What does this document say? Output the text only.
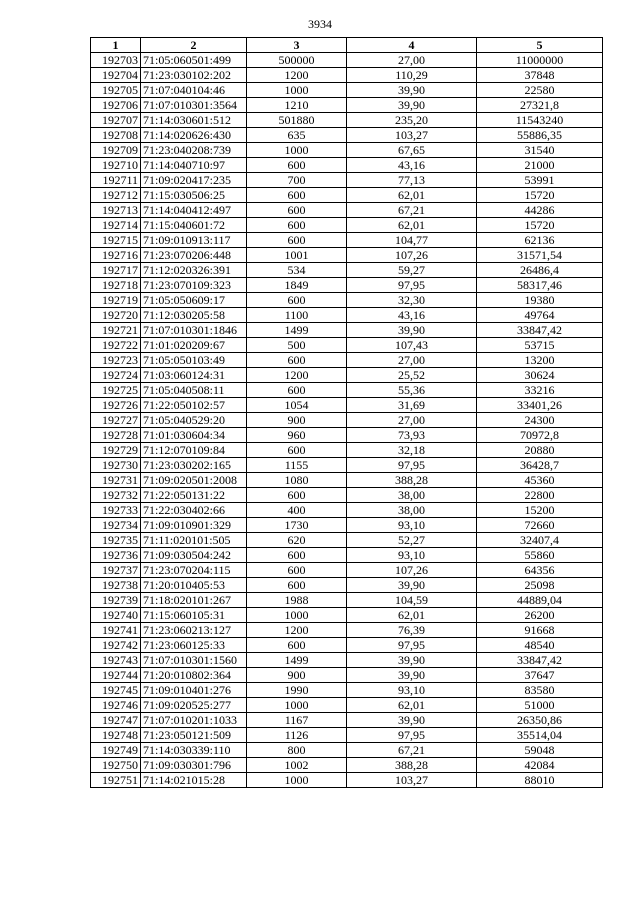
3934
1	2	3	4	5
192703	71:05:060501:499	500000	27,00	11000000
192704	71:23:030102:202	1200	110,29	37848
192705	71:07:040104:46	1000	39,90	22580
192706	71:07:010301:3564	1210	39,90	27321,8
192707	71:14:030601:512	501880	235,20	11543240
192708	71:14:020626:430	635	103,27	55886,35
192709	71:23:040208:739	1000	67,65	31540
192710	71:14:040710:97	600	43,16	21000
192711	71:09:020417:235	700	77,13	53991
192712	71:15:030506:25	600	62,01	15720
192713	71:14:040412:497	600	67,21	44286
192714	71:15:040601:72	600	62,01	15720
192715	71:09:010913:117	600	104,77	62136
192716	71:23:070206:448	1001	107,26	31571,54
192717	71:12:020326:391	534	59,27	26486,4
192718	71:23:070109:323	1849	97,95	58317,46
192719	71:05:050609:17	600	32,30	19380
192720	71:12:030205:58	1100	43,16	49764
192721	71:07:010301:1846	1499	39,90	33847,42
192722	71:01:020209:67	500	107,43	53715
192723	71:05:050103:49	600	27,00	13200
192724	71:03:060124:31	1200	25,52	30624
192725	71:05:040508:11	600	55,36	33216
192726	71:22:050102:57	1054	31,69	33401,26
192727	71:05:040529:20	900	27,00	24300
192728	71:01:030604:34	960	73,93	70972,8
192729	71:12:070109:84	600	32,18	20880
192730	71:23:030202:165	1155	97,95	36428,7
192731	71:09:020501:2008	1080	388,28	45360
192732	71:22:050131:22	600	38,00	22800
192733	71:22:030402:66	400	38,00	15200
192734	71:09:010901:329	1730	93,10	72660
192735	71:11:020101:505	620	52,27	32407,4
192736	71:09:030504:242	600	93,10	55860
192737	71:23:070204:115	600	107,26	64356
192738	71:20:010405:53	600	39,90	25098
192739	71:18:020101:267	1988	104,59	44889,04
192740	71:15:060105:31	1000	62,01	26200
192741	71:23:060213:127	1200	76,39	91668
192742	71:23:060125:33	600	97,95	48540
192743	71:07:010301:1560	1499	39,90	33847,42
192744	71:20:010802:364	900	39,90	37647
192745	71:09:010401:276	1990	93,10	83580
192746	71:09:020525:277	1000	62,01	51000
192747	71:07:010201:1033	1167	39,90	26350,86
192748	71:23:050121:509	1126	97,95	35514,04
192749	71:14:030339:110	800	67,21	59048
192750	71:09:030301:796	1002	388,28	42084
192751	71:14:021015:28	1000	103,27	88010
